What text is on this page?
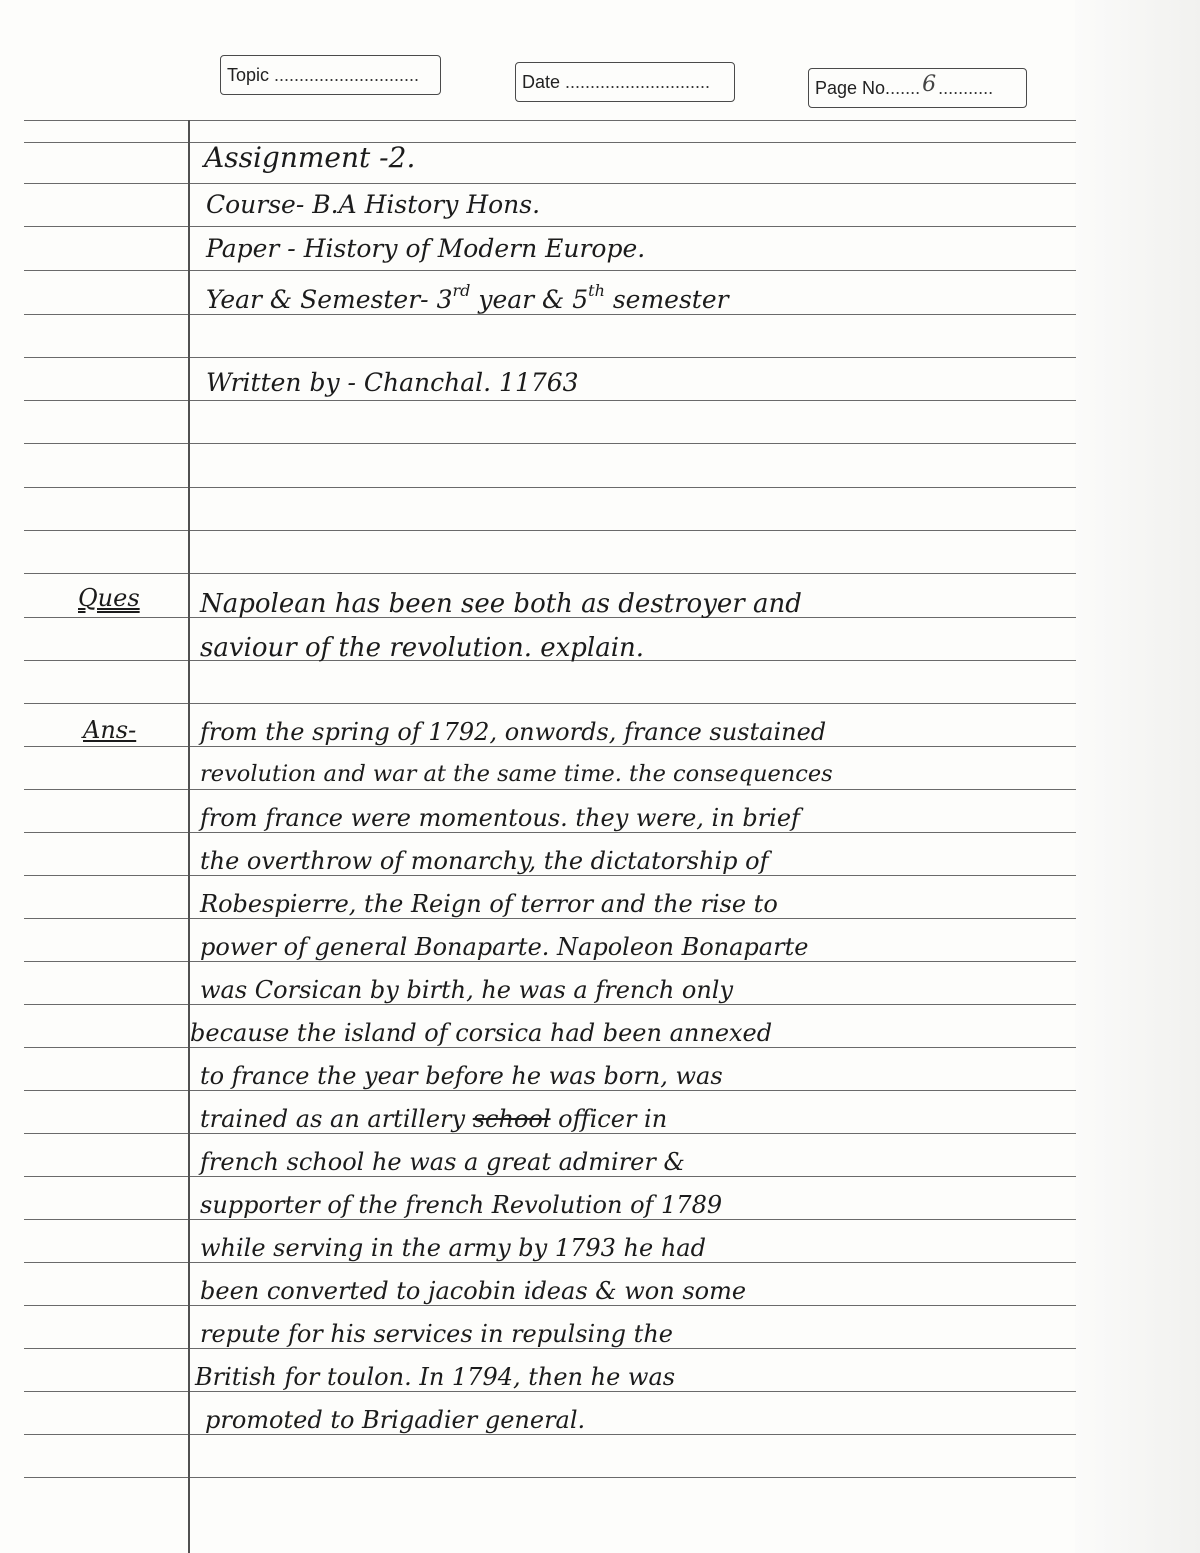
Topic .............................	Date .............................	Page No. ...... 6 ...........

Assignment -2.

Course- B.A History Hons.

Paper - History of Modern Europe.

Year & Semester- 3rd year & 5th semester

Written by - Chanchal. 11763

Ques Napolean has been see both as destroyer and

saviour of the revolution. explain.

Ans-	from the spring of 1792, onwords, france sustained

revolution and war at the same time. the consequences

from france were momentous. they were, in brief

the overthrow of monarchy, the dictatorship of

Robespierre, the Reign of terror and the rise to

power of general Bonaparte. Napoleon Bonaparte

was Corsican by birth, he was a french only

because the island of corsica had been annexed

to france the year before he was born, was

trained as an artillery school officer in

french school he was a great admirer &

supporter of the french Revolution of 1789

while serving in the army by 1793 he had

been converted to jacobin ideas & won some

repute for his services in repulsing the

British for toulon. In 1794, then he was

promoted to Brigadier general.
